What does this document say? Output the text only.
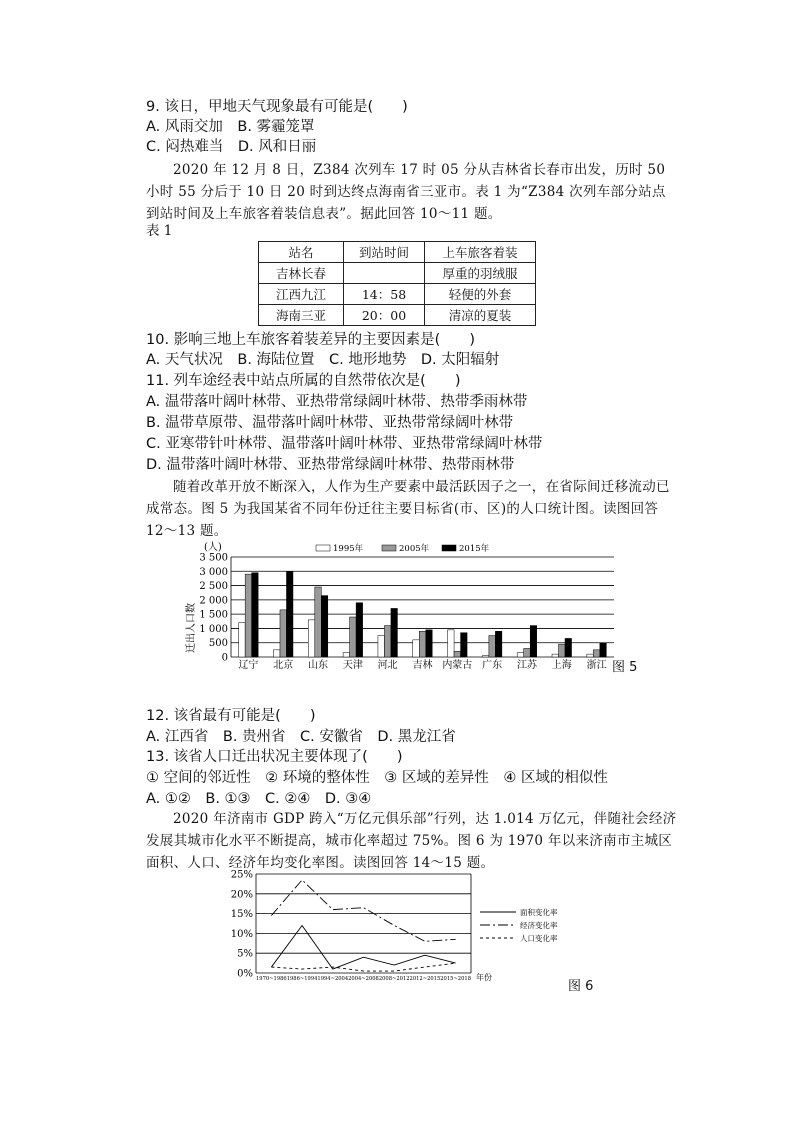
9. 该日，甲地天气现象最有可能是(　　)
A. 风雨交加　B. 雾霾笼罩
C. 闷热难当　D. 风和日丽
2020 年 12 月 8 日，Z384 次列车 17 时 05 分从吉林省长春市出发，历时 50 小时 55 分后于 10 日 20 时到达终点海南省三亚市。表 1 为“Z384 次列车部分站点到站时间及上车旅客着装信息表”。据此回答 10～11 题。
表 1
站名	到站时间	上车旅客着装
吉林长春		厚重的羽绒服
江西九江	14：58	轻便的外套
海南三亚	20：00	清凉的夏装
10. 影响三地上车旅客着装差异的主要因素是(　　)
A. 天气状况　B. 海陆位置　C. 地形地势　D. 太阳辐射
11. 列车途经表中站点所属的自然带依次是(　　)
A. 温带落叶阔叶林带、亚热带常绿阔叶林带、热带季雨林带
B. 温带草原带、温带落叶阔叶林带、亚热带常绿阔叶林带
C. 亚寒带针叶林带、温带落叶阔叶林带、亚热带常绿阔叶林带
D. 温带落叶阔叶林带、亚热带常绿阔叶林带、热带雨林带
随着改革开放不断深入，人作为生产要素中最活跃因子之一，在省际间迁移流动已成常态。图 5 为我国某省不同年份迁往主要目标省(市、区)的人口统计图。读图回答 12～13 题。
(人)
迁出人口数
0
500
1 000
1 500
2 000
2 500
3 000
3 500
辽宁 北京 山东 天津 河北 吉林 内蒙古 广东 江苏 上海 浙江
1995年	2005年	2015年
图 5
12. 该省最有可能是(　　)
A. 江西省　B. 贵州省　C. 安徽省　D. 黑龙江省
13. 该省人口迁出状况主要体现了(　　)
① 空间的邻近性　② 环境的整体性　③ 区域的差异性　④ 区域的相似性
A. ①②　B. ①③　C. ②④　D. ③④
2020 年济南市 GDP 跨入“万亿元俱乐部”行列，达 1.014 万亿元，伴随社会经济发展其城市化水平不断提高，城市化率超过 75%。图 6 为 1970 年以来济南市主城区面积、人口、经济年均变化率图。读图回答 14～15 题。
0%
5%
10%
15%
20%
25%
1970~1986 1986~1994 1994~2004 2004~2008 2008~2012 2012~2015 2015~2018
面积变化率
经济变化率
人口变化率
年份
图 6
